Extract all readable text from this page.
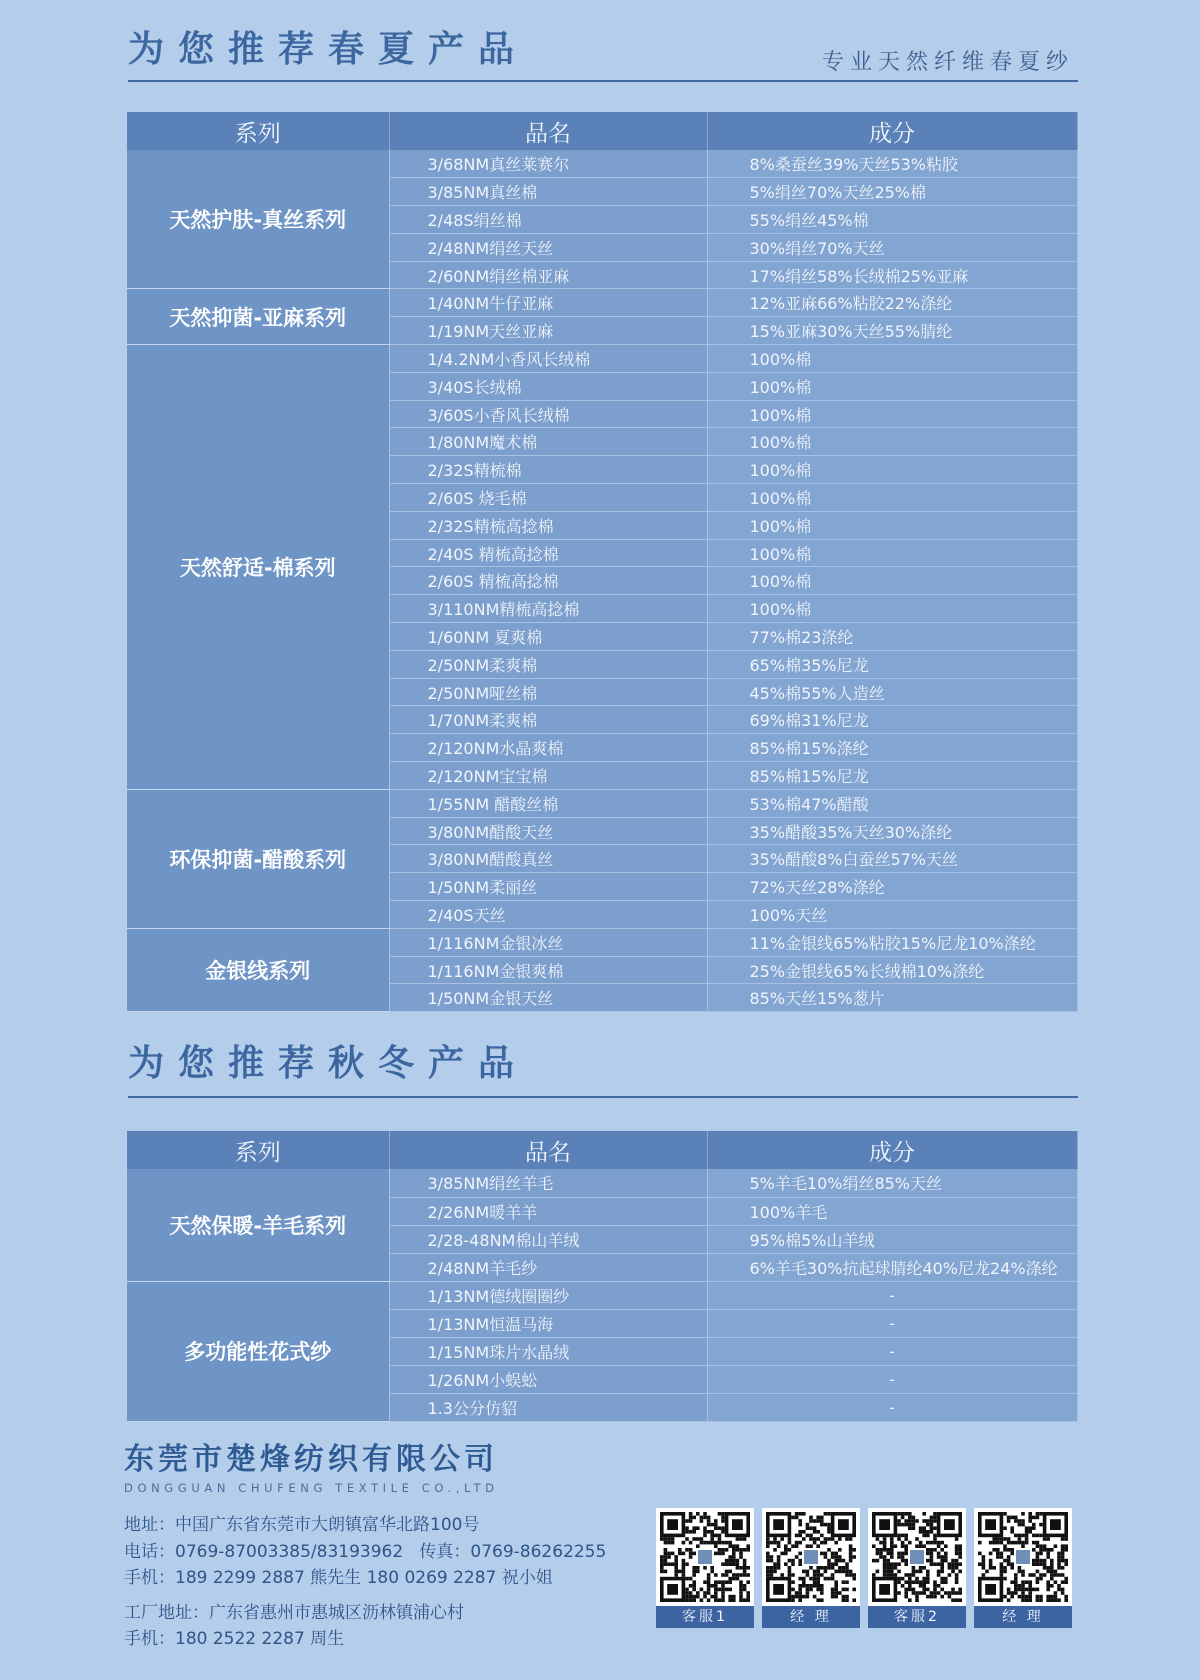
为您推荐春夏产品	专业天然纤维春夏纱
系列	品名	成分
天然护肤-真丝系列	3/68NM真丝莱赛尔	8%桑蚕丝39%天丝53%粘胶
	3/85NM真丝棉	5%绢丝70%天丝25%棉
	2/48S绢丝棉	55%绢丝45%棉
	2/48NM绢丝天丝	30%绢丝70%天丝
	2/60NM绢丝棉亚麻	17%绢丝58%长绒棉25%亚麻
天然抑菌-亚麻系列	1/40NM牛仔亚麻	12%亚麻66%粘胶22%涤纶
	1/19NM天丝亚麻	15%亚麻30%天丝55%腈纶
天然舒适-棉系列	1/4.2NM小香风长绒棉	100%棉
	3/40S长绒棉	100%棉
	3/60S小香风长绒棉	100%棉
	1/80NM魔术棉	100%棉
	2/32S精梳棉	100%棉
	2/60S 烧毛棉	100%棉
	2/32S精梳高捻棉	100%棉
	2/40S 精梳高捻棉	100%棉
	2/60S 精梳高捻棉	100%棉
	3/110NM精梳高捻棉	100%棉
	1/60NM 夏爽棉	77%棉23涤纶
	2/50NM柔爽棉	65%棉35%尼龙
	2/50NM哑丝棉	45%棉55%人造丝
	1/70NM柔爽棉	69%棉31%尼龙
	2/120NM水晶爽棉	85%棉15%涤纶
	2/120NM宝宝棉	85%棉15%尼龙
环保抑菌-醋酸系列	1/55NM 醋酸丝棉	53%棉47%醋酸
	3/80NM醋酸天丝	35%醋酸35%天丝30%涤纶
	3/80NM醋酸真丝	35%醋酸8%白蚕丝57%天丝
	1/50NM柔丽丝	72%天丝28%涤纶
	2/40S天丝	100%天丝
金银线系列	1/116NM金银冰丝	11%金银线65%粘胶15%尼龙10%涤纶
	1/116NM金银爽棉	25%金银线65%长绒棉10%涤纶
	1/50NM金银天丝	85%天丝15%葱片
为您推荐秋冬产品
系列	品名	成分
天然保暖-羊毛系列	3/85NM绢丝羊毛	5%羊毛10%绢丝85%天丝
	2/26NM暖羊羊	100%羊毛
	2/28-48NM棉山羊绒	95%棉5%山羊绒
	2/48NM羊毛纱	6%羊毛30%抗起球腈纶40%尼龙24%涤纶
多功能性花式纱	1/13NM德绒圈圈纱	-
	1/13NM恒温马海	-
	1/15NM珠片水晶绒	-
	1/26NM小蜈蚣	-
	1.3公分仿貂	-
东莞市楚烽纺织有限公司
DONGGUAN CHUFENG TEXTILE CO.,LTD
地址：中国广东省东莞市大朗镇富华北路100号
电话：0769-87003385/83193962 传真：0769-86262255
手机：189 2299 2887 熊先生 180 0269 2287 祝小姐
工厂地址：广东省惠州市惠城区沥林镇浦心村
手机：180 2522 2287 周生
客服1	经 理	客服2	经 理
